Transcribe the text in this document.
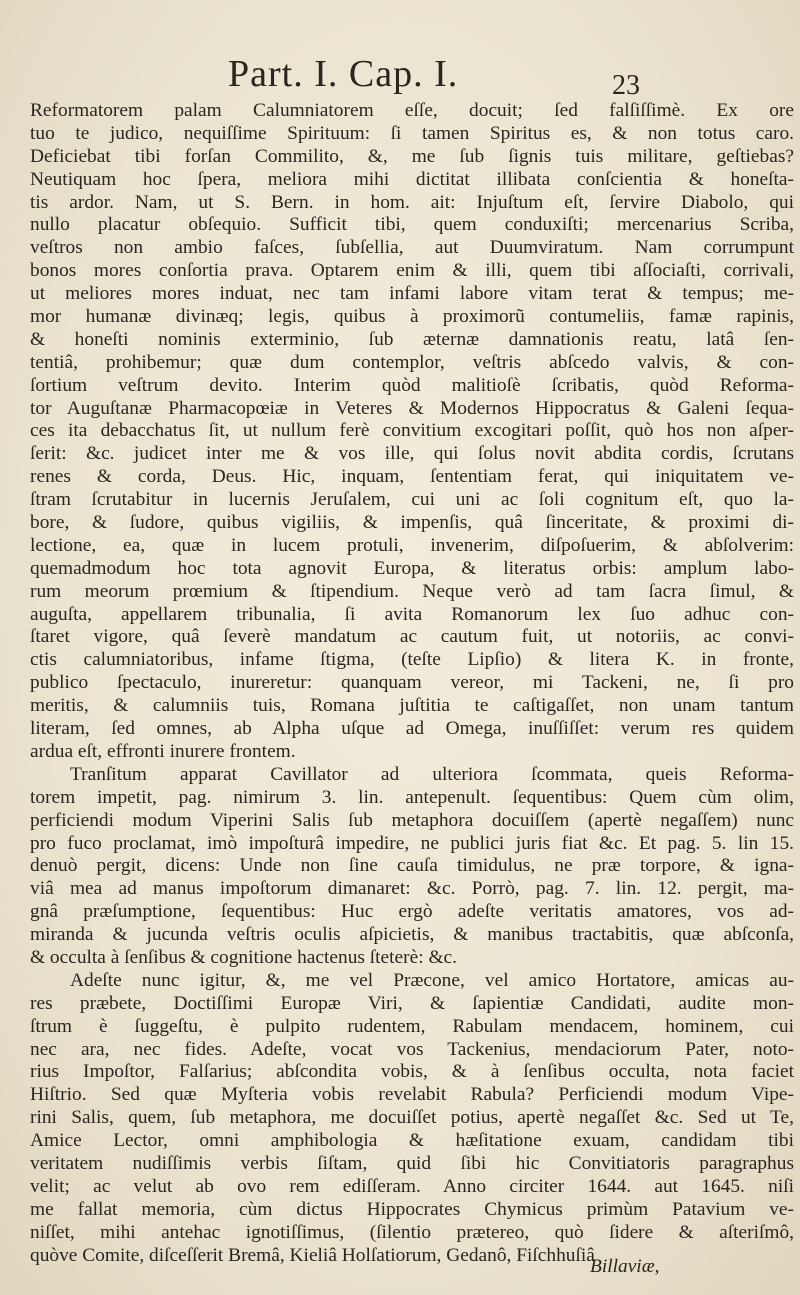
Part. I. Cap. I.	23
Reformatorem palam Calumniatorem eſſe, docuit; ſed falſiſſimè. Ex ore
tuo te judico, nequiſſime Spirituum: ſi tamen Spiritus es, & non totus caro.
Deficiebat tibi forſan Commilito, &, me ſub ſignis tuis militare, geſtiebas?
Neutiquam hoc ſpera, meliora mihi dictitat illibata conſcientia & honeſta-
tis ardor. Nam, ut S. Bern. in hom. ait: Injuſtum eſt, ſervire Diabolo, qui
nullo placatur obſequio. Sufficit tibi, quem conduxiſti; mercenarius Scriba,
veſtros non ambio faſces, ſubſellia, aut Duumviratum. Nam corrumpunt
bonos mores conſortia prava. Optarem enim & illi, quem tibi aſſociaſti, corrivali,
ut meliores mores induat, nec tam infami labore vitam terat & tempus; me-
mor humanæ divinæq; legis, quibus à proximorũ contumeliis, famæ rapinis,
& honeſti nominis exterminio, ſub æternæ damnationis reatu, latâ ſen-
tentiâ, prohibemur; quæ dum contemplor, veſtris abſcedo valvis, & con-
ſortium veſtrum devito. Interim quòd malitioſè ſcribatis, quòd Reforma-
tor Auguſtanæ Pharmacopœiæ in Veteres & Modernos Hippocratus & Galeni ſequa-
ces ita debacchatus ſit, ut nullum ferè convitium excogitari poſſit, quò hos non aſper-
ſerit: &c. judicet inter me & vos ille, qui ſolus novit abdita cordis, ſcrutans
renes & corda, Deus. Hic, inquam, ſententiam ferat, qui iniquitatem ve-
ſtram ſcrutabitur in lucernis Jeruſalem, cui uni ac ſoli cognitum eſt, quo la-
bore, & ſudore, quibus vigiliis, & impenſis, quâ ſinceritate, & proximi di-
lectione, ea, quæ in lucem protuli, invenerim, diſpoſuerim, & abſolverim:
quemadmodum hoc tota agnovit Europa, & literatus orbis: amplum labo-
rum meorum prœmium & ſtipendium. Neque verò ad tam ſacra ſimul, &
auguſta, appellarem tribunalia, ſi avita Romanorum lex ſuo adhuc con-
ſtaret vigore, quâ ſeverè mandatum ac cautum fuit, ut notoriis, ac convi-
ctis calumniatoribus, infame ſtigma, (teſte Lipſio) & litera K. in fronte,
publico ſpectaculo, inureretur: quanquam vereor, mi Tackeni, ne, ſi pro
meritis, & calumniis tuis, Romana juſtitia te caſtigaſſet, non unam tantum
literam, ſed omnes, ab Alpha uſque ad Omega, inuſſiſſet: verum res quidem
ardua eſt, effronti inurere frontem.
Tranſitum apparat Cavillator ad ulteriora ſcommata, queis Reforma-
torem impetit, pag. nimirum 3. lin. antepenult. ſequentibus: Quem cùm olim,
perficiendi modum Viperini Salis ſub metaphora docuiſſem (apertè negaſſem) nunc
pro fuco proclamat, imò impoſturâ impedire, ne publici juris fiat &c. Et pag. 5. lin 15.
denuò pergit, dicens: Unde non ſine cauſa timidulus, ne præ torpore, & igna-
viâ mea ad manus impoſtorum dimanaret: &c. Porrò, pag. 7. lin. 12. pergit, ma-
gnâ præſumptione, ſequentibus: Huc ergò adeſte veritatis amatores, vos ad-
miranda & jucunda veſtris oculis aſpicietis, & manibus tractabitis, quæ abſconſa,
& occulta à ſenſibus & cognitione hactenus ſteterè: &c.
Adeſte nunc igitur, &, me vel Præcone, vel amico Hortatore, amicas au-
res præbete, Doctiſſimi Europæ Viri, & ſapientiæ Candidati, audite mon-
ſtrum è ſuggeſtu, è pulpito rudentem, Rabulam mendacem, hominem, cui
nec ara, nec fides. Adeſte, vocat vos Tackenius, mendaciorum Pater, noto-
rius Impoſtor, Falſarius; abſcondita vobis, & à ſenſibus occulta, nota faciet
Hiſtrio. Sed quæ Myſteria vobis revelabit Rabula? Perficiendi modum Vipe-
rini Salis, quem, ſub metaphora, me docuiſſet potius, apertè negaſſet &c. Sed ut Te,
Amice Lector, omni amphibologia & hæſitatione exuam, candidam tibi
veritatem nudiſſimis verbis ſiſtam, quid ſibi hic Convitiatoris paragraphus
velit; ac velut ab ovo rem ediſſeram. Anno circiter 1644. aut 1645. niſi
me fallat memoria, cùm dictus Hippocrates Chymicus primùm Patavium ve-
niſſet, mihi antehac ignotiſſimus, (ſilentio prætereo, quò ſidere & aſteriſmô,
quòve Comite, diſceſſerit Bremâ, Kieliâ Holſatiorum, Gedanô, Fiſchhuſiâ
Billaviæ,
